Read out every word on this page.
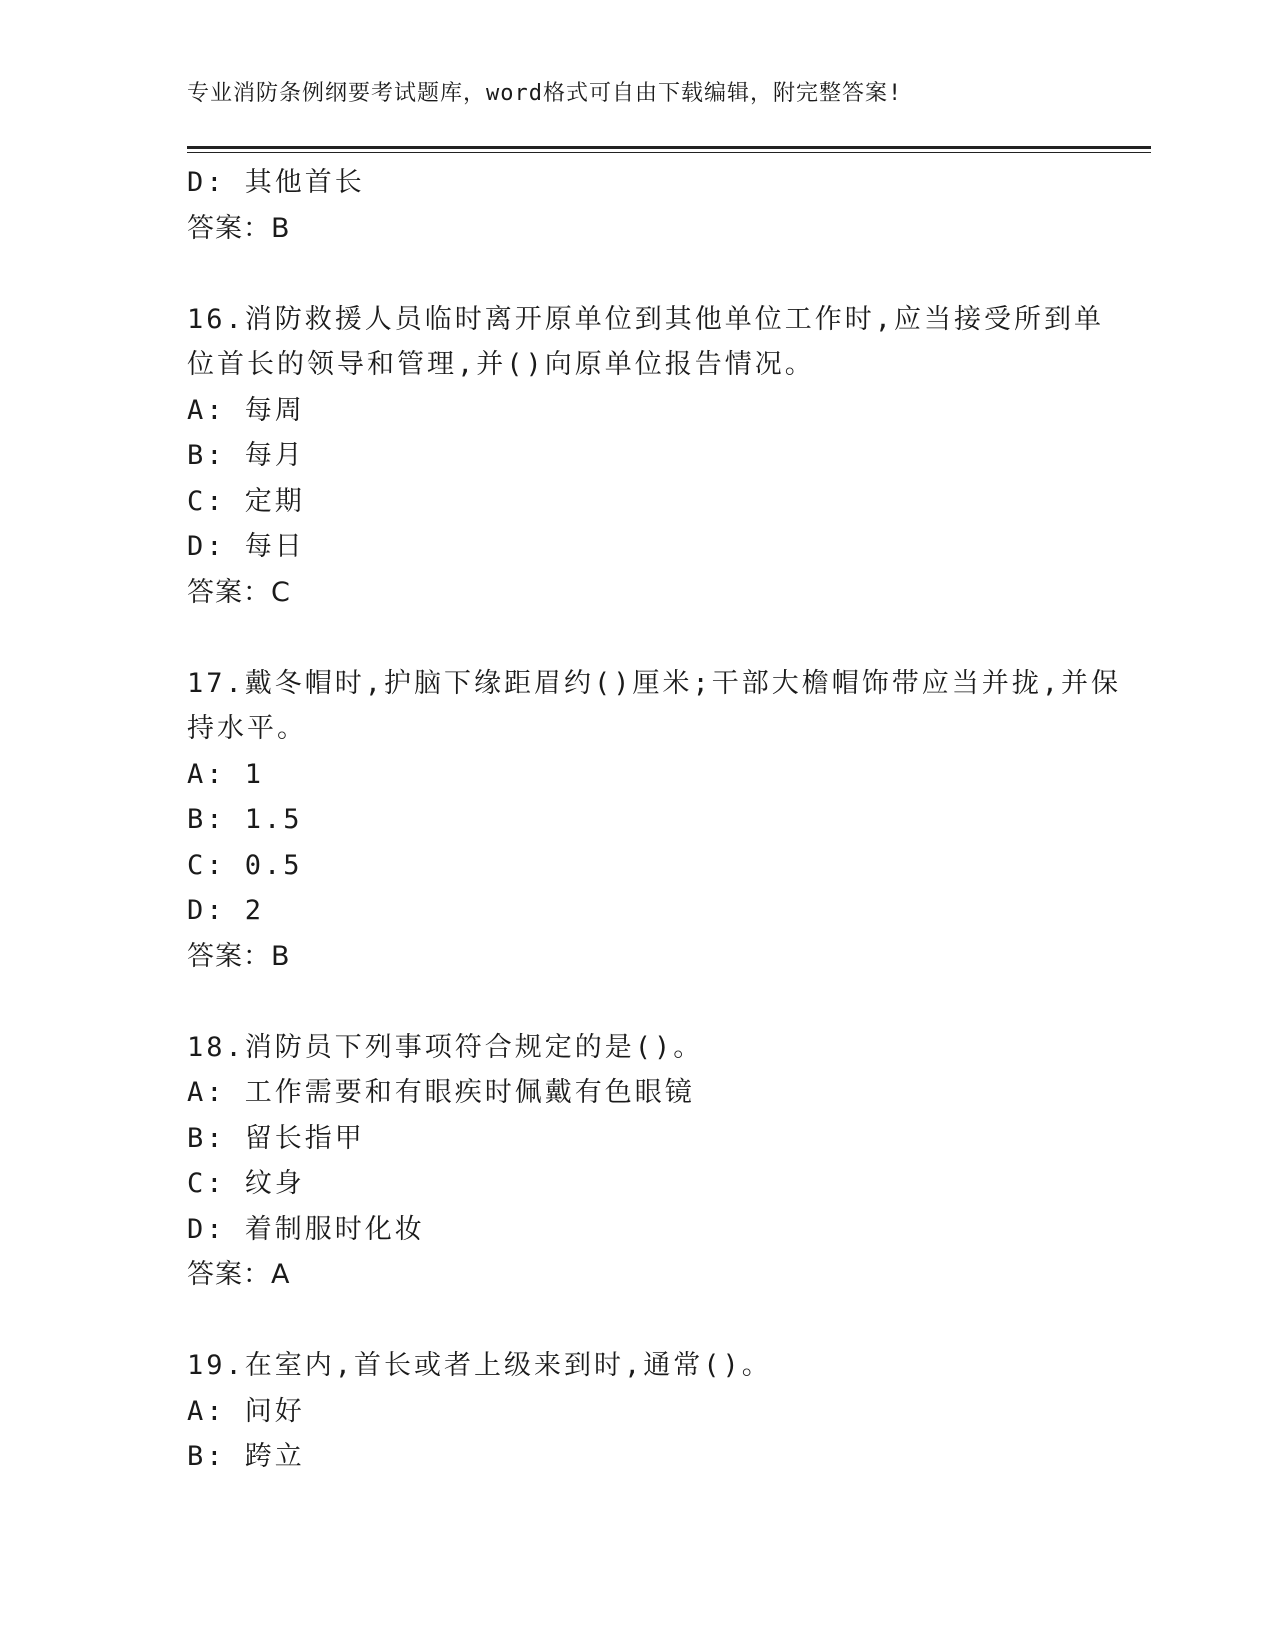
专业消防条例纲要考试题库，word格式可自由下载编辑，附完整答案!
D: 其他首长
答案：B
16.消防救援人员临时离开原单位到其他单位工作时,应当接受所到单
位首长的领导和管理,并()向原单位报告情况。
A: 每周
B: 每月
C: 定期
D: 每日
答案：C
17.戴冬帽时,护脑下缘距眉约()厘米;干部大檐帽饰带应当并拢,并保
持水平。
A: 1
B: 1.5
C: 0.5
D: 2
答案：B
18.消防员下列事项符合规定的是()。
A: 工作需要和有眼疾时佩戴有色眼镜
B: 留长指甲
C: 纹身
D: 着制服时化妆
答案：A
19.在室内,首长或者上级来到时,通常()。
A: 问好
B: 跨立
